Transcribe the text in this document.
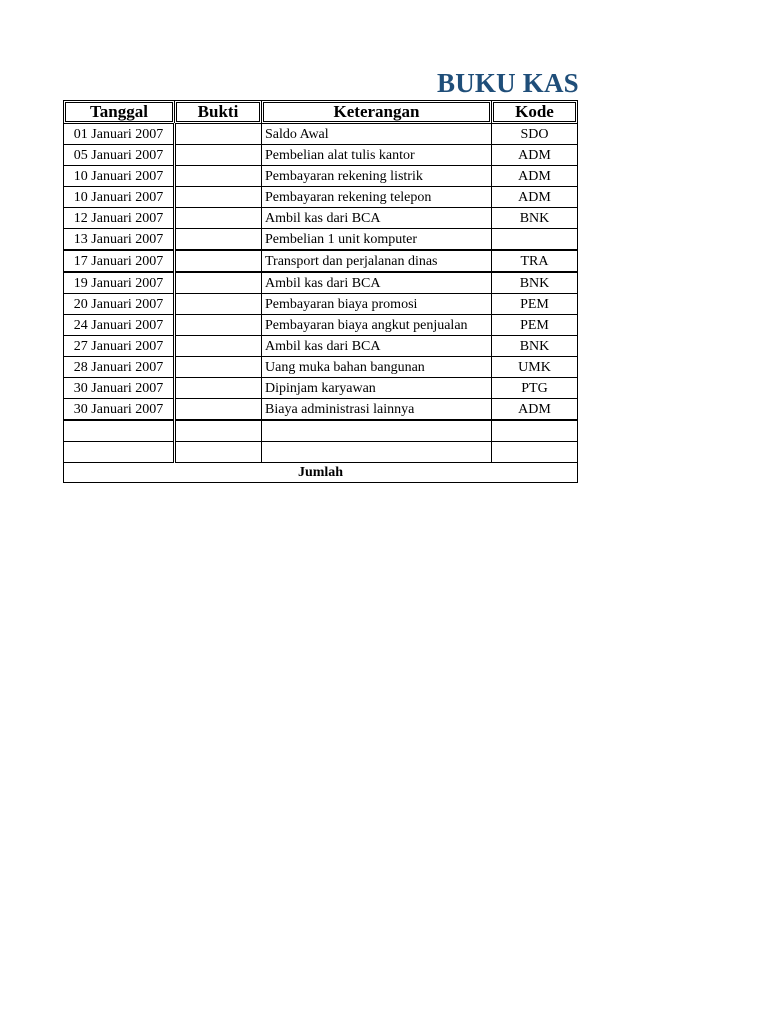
BUKU KAS
Tanggal	Bukti	Keterangan	Kode
01 Januari 2007		Saldo Awal	SDO
05 Januari 2007		Pembelian alat tulis kantor	ADM
10 Januari 2007		Pembayaran rekening listrik	ADM
10 Januari 2007		Pembayaran rekening telepon	ADM
12 Januari 2007		Ambil kas dari BCA	BNK
13 Januari 2007		Pembelian 1 unit komputer	
17 Januari 2007		Transport dan perjalanan dinas	TRA
19 Januari 2007		Ambil kas dari BCA	BNK
20 Januari 2007		Pembayaran biaya promosi	PEM
24 Januari 2007		Pembayaran biaya angkut penjualan	PEM
27 Januari 2007		Ambil kas dari BCA	BNK
28 Januari 2007		Uang muka bahan bangunan	UMK
30 Januari 2007		Dipinjam karyawan	PTG
30 Januari 2007		Biaya administrasi lainnya	ADM

Jumlah			
